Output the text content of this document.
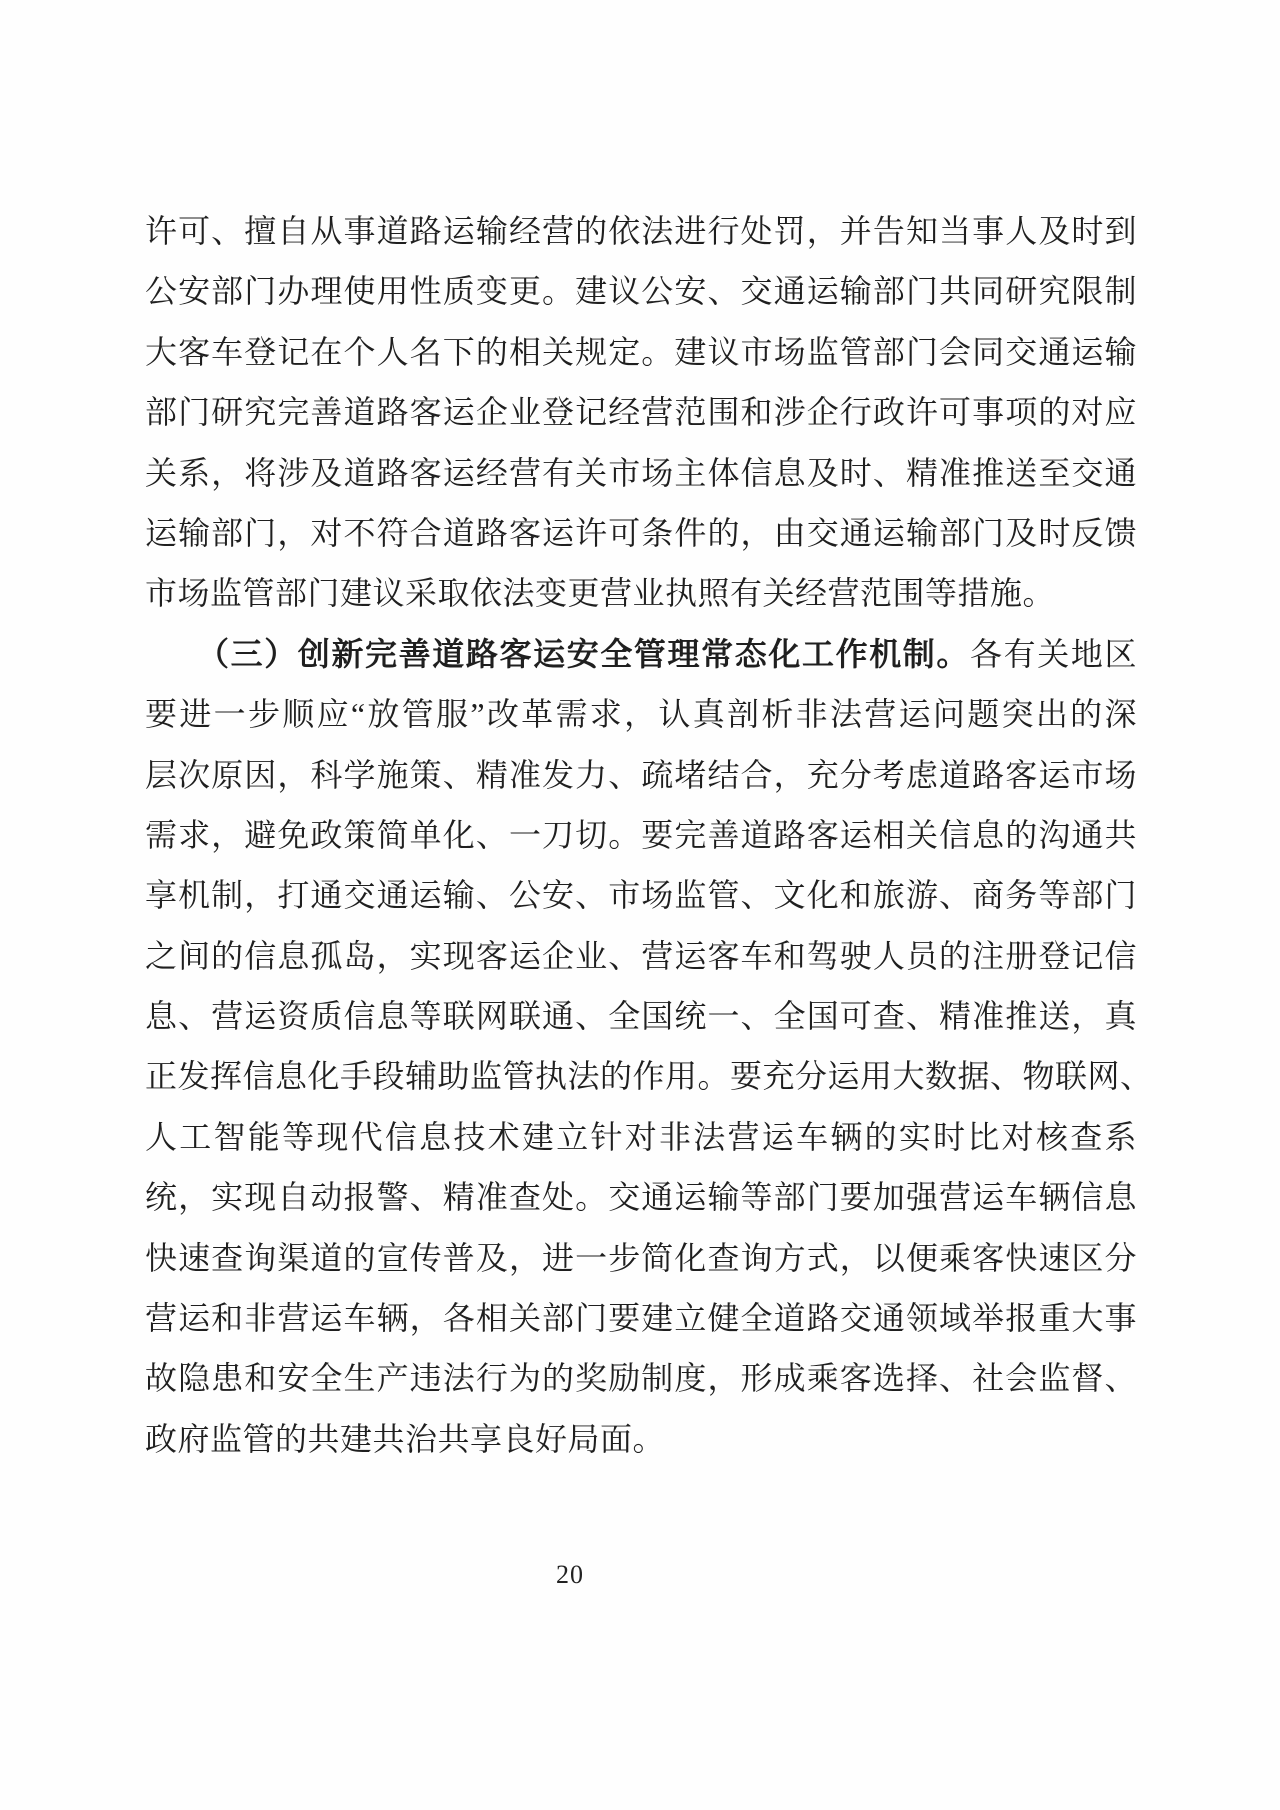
许可、擅自从事道路运输经营的依法进行处罚，并告知当事人及时到
公安部门办理使用性质变更。建议公安、交通运输部门共同研究限制
大客车登记在个人名下的相关规定。建议市场监管部门会同交通运输
部门研究完善道路客运企业登记经营范围和涉企行政许可事项的对应
关系，将涉及道路客运经营有关市场主体信息及时、精准推送至交通
运输部门，对不符合道路客运许可条件的，由交通运输部门及时反馈
市场监管部门建议采取依法变更营业执照有关经营范围等措施。
（三）创新完善道路客运安全管理常态化工作机制。各有关地区
要进一步顺应“放管服”改革需求，认真剖析非法营运问题突出的深
层次原因，科学施策、精准发力、疏堵结合，充分考虑道路客运市场
需求，避免政策简单化、一刀切。要完善道路客运相关信息的沟通共
享机制，打通交通运输、公安、市场监管、文化和旅游、商务等部门
之间的信息孤岛，实现客运企业、营运客车和驾驶人员的注册登记信
息、营运资质信息等联网联通、全国统一、全国可查、精准推送，真
正发挥信息化手段辅助监管执法的作用。要充分运用大数据、物联网、
人工智能等现代信息技术建立针对非法营运车辆的实时比对核查系
统，实现自动报警、精准查处。交通运输等部门要加强营运车辆信息
快速查询渠道的宣传普及，进一步简化查询方式，以便乘客快速区分
营运和非营运车辆，各相关部门要建立健全道路交通领域举报重大事
故隐患和安全生产违法行为的奖励制度，形成乘客选择、社会监督、
政府监管的共建共治共享良好局面。
20
